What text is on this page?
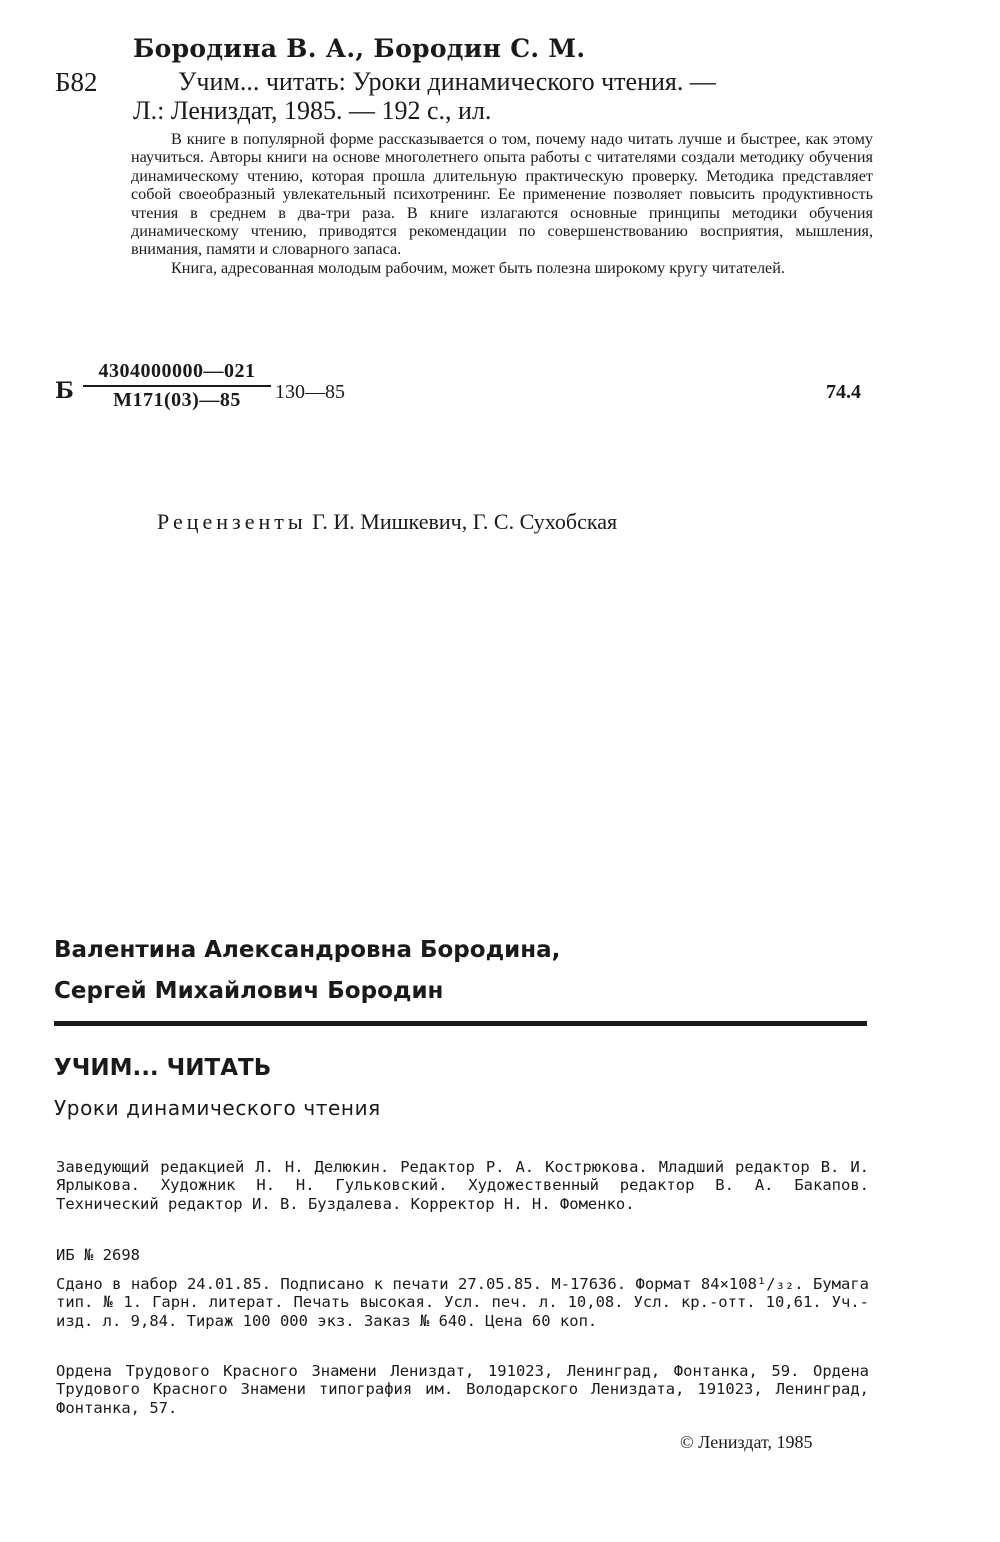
Бородина В. А., Бородин С. М.
Б82	Учим... читать: Уроки динамического чтения. —
Л.: Лениздат, 1985. — 192 с., ил.

В книге в популярной форме рассказывается о том, почему надо читать лучше и быстрее, как этому научиться. Авторы книги на основе многолетнего опыта работы с читателями создали методику обучения динамическому чтению, которая прошла длительную практическую проверку. Методика представляет собой своеобразный увлекательный психотренинг. Ее применение позволяет повысить продуктивность чтения в среднем в два-три раза. В книге излагаются основные принципы методики обучения динамическому чтению, приводятся рекомендации по совершенствованию восприятия, мышления, внимания, памяти и словарного запаса.

Книга, адресованная молодым рабочим, может быть полезна широкому кругу читателей.

Б
4304000000—021
М171(03)—85	130—85	74.4
Рецензенты Г. И. Мишкевич, Г. С. Сухобская
Валентина Александровна Бородина,
Сергей Михайлович Бородин
УЧИМ... ЧИТАТЬ
Уроки динамического чтения

Заведующий редакцией Л. Н. Делюкин. Редактор Р. А. Кострюкова. Младший редактор В. И. Ярлыкова. Художник Н. Н. Гульковский. Художественный редактор В. А. Бакапов. Технический редактор И. В. Буздалева. Корректор Н. Н. Фоменко.

ИБ № 2698

Сдано в набор 24.01.85. Подписано к печати 27.05.85. М-17636. Формат 84×108¹/₃₂. Бумага тип. № 1. Гарн. литерат. Печать высокая. Усл. печ. л. 10,08. Усл. кр.-отт. 10,61. Уч.-изд. л. 9,84. Тираж 100 000 экз. Заказ № 640. Цена 60 коп.

Ордена Трудового Красного Знамени Лениздат, 191023, Ленинград, Фонтанка, 59. Ордена Трудового Красного Знамени типография им. Володарского Лениздата, 191023, Ленинград, Фонтанка, 57.

© Лениздат, 1985
